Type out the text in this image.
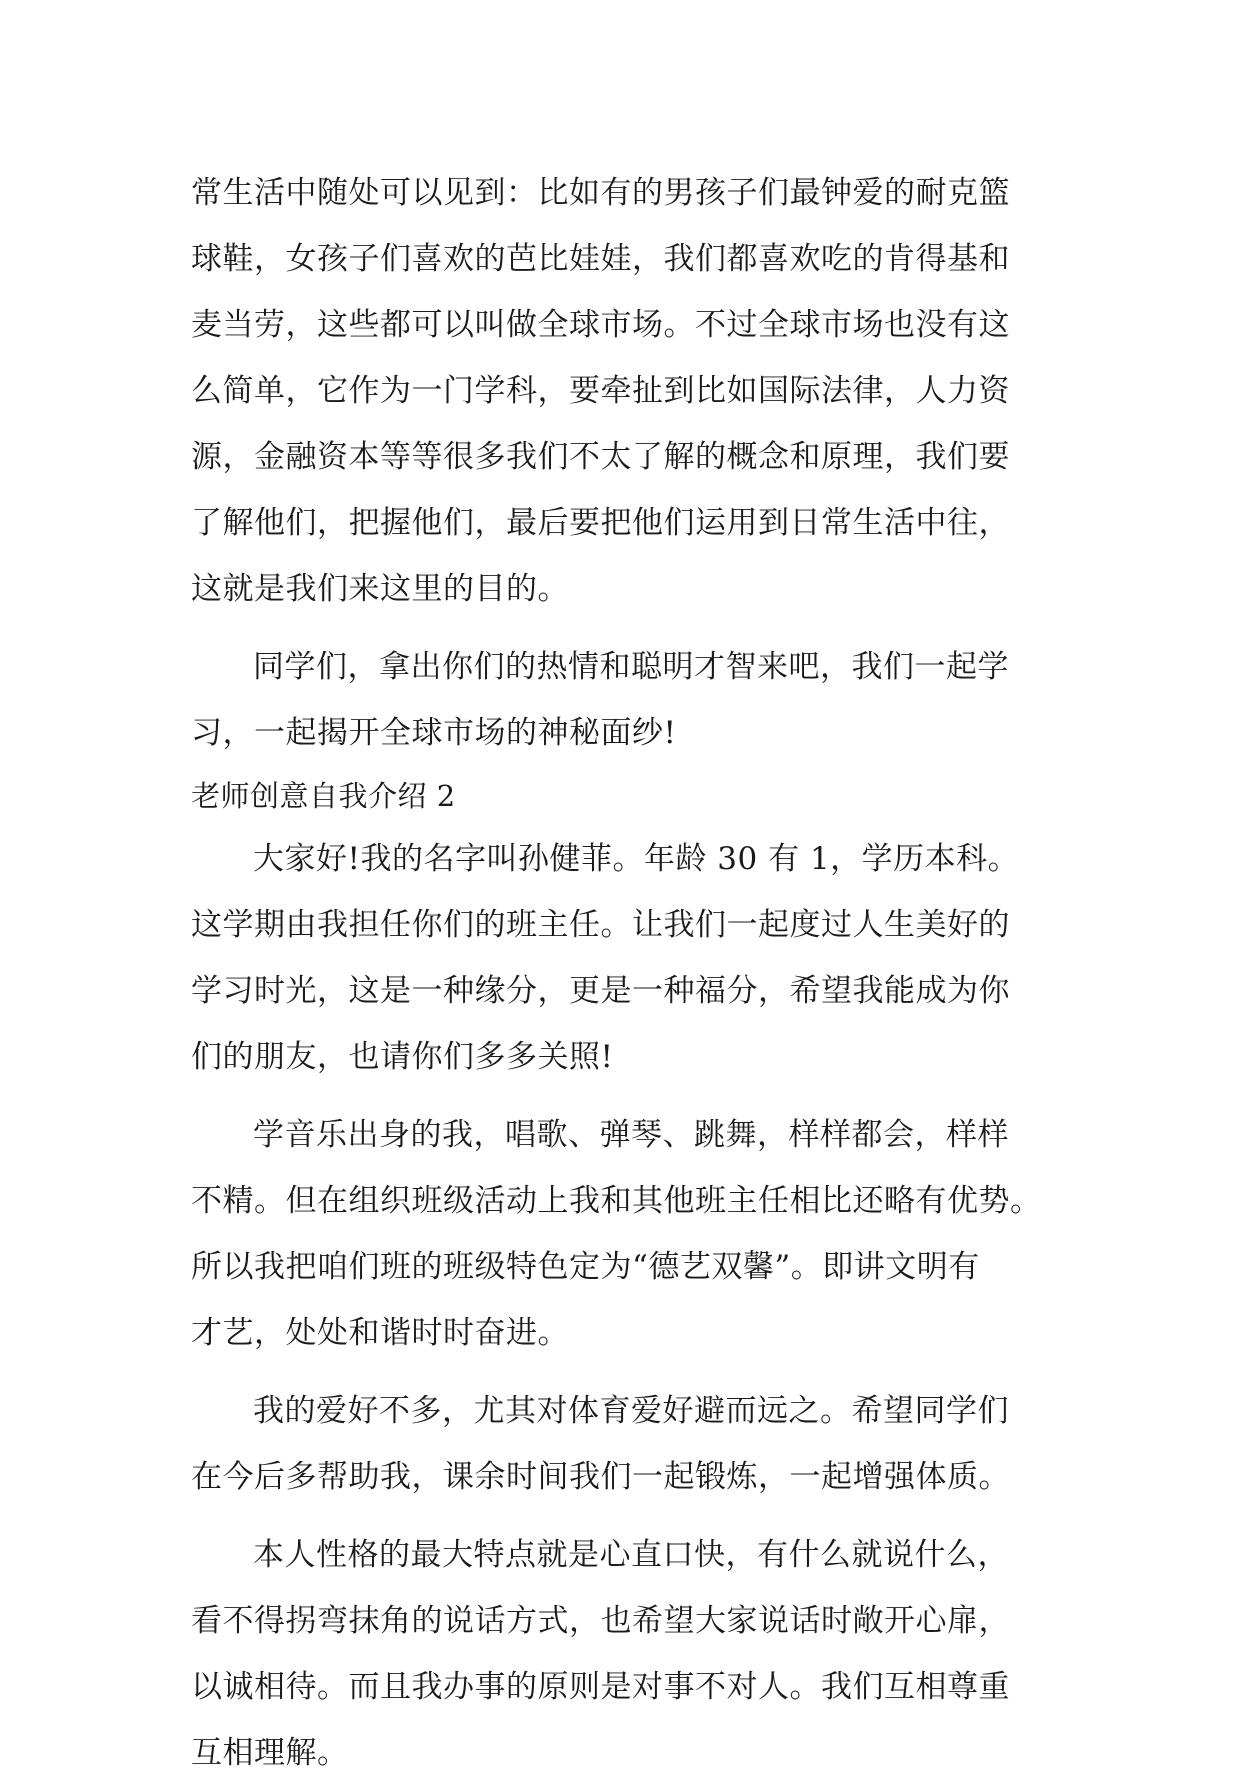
常生活中随处可以见到：比如有的男孩子们最钟爱的耐克篮
球鞋，女孩子们喜欢的芭比娃娃，我们都喜欢吃的肯得基和
麦当劳，这些都可以叫做全球市场。不过全球市场也没有这
么简单，它作为一门学科，要牵扯到比如国际法律，人力资
源，金融资本等等很多我们不太了解的概念和原理，我们要
了解他们，把握他们，最后要把他们运用到日常生活中往，
这就是我们来这里的目的。
同学们，拿出你们的热情和聪明才智来吧，我们一起学
习，一起揭开全球市场的神秘面纱!
老师创意自我介绍 2
大家好!我的名字叫孙健菲。年龄 30 有 1，学历本科。
这学期由我担任你们的班主任。让我们一起度过人生美好的
学习时光，这是一种缘分，更是一种福分，希望我能成为你
们的朋友，也请你们多多关照!
学音乐出身的我，唱歌、弹琴、跳舞，样样都会，样样
不精。但在组织班级活动上我和其他班主任相比还略有优势。
所以我把咱们班的班级特色定为“德艺双馨”。即讲文明有
才艺，处处和谐时时奋进。
我的爱好不多，尤其对体育爱好避而远之。希望同学们
在今后多帮助我，课余时间我们一起锻炼，一起增强体质。
本人性格的最大特点就是心直口快，有什么就说什么，
看不得拐弯抹角的说话方式，也希望大家说话时敞开心扉，
以诚相待。而且我办事的原则是对事不对人。我们互相尊重
互相理解。
